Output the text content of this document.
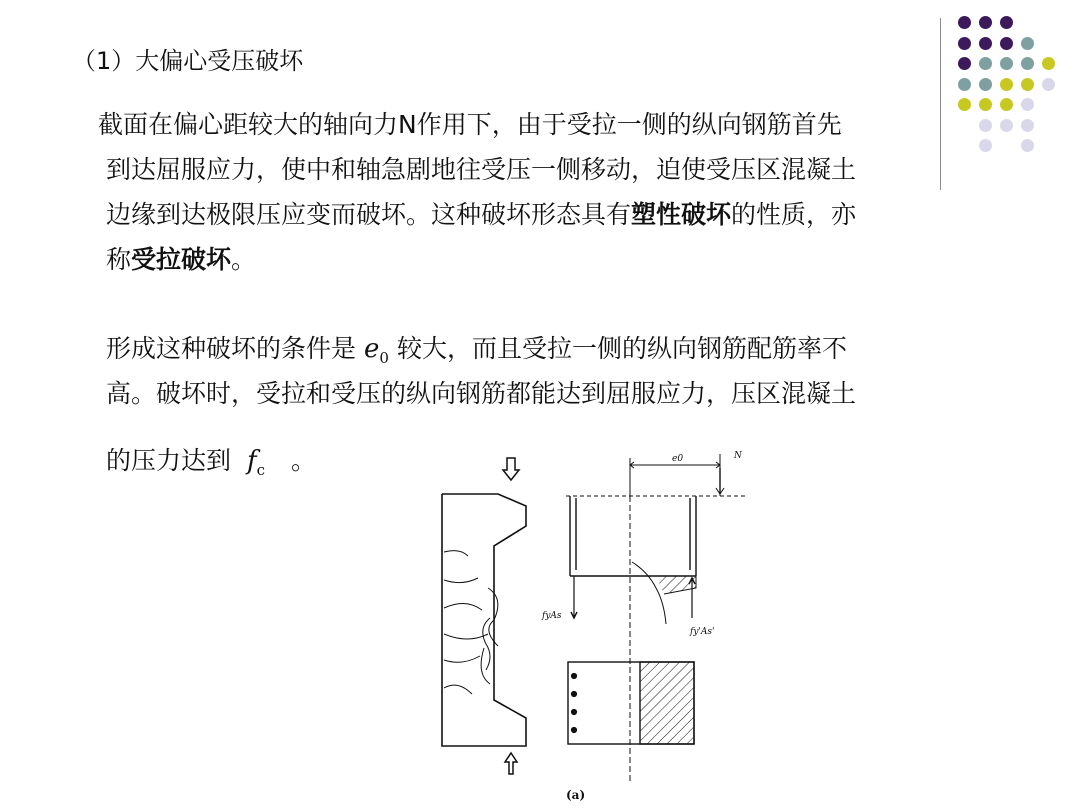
（1）大偏心受压破坏
截面在偏心距较大的轴向力N作用下，由于受拉一侧的纵向钢筋首先
到达屈服应力，使中和轴急剧地往受压一侧移动，迫使受压区混凝土
边缘到达极限压应变而破坏。这种破坏形态具有塑性破坏的性质，亦
称受拉破坏。
形成这种破坏的条件是 $e_0$ 较大，而且受拉一侧的纵向钢筋配筋率不
高。破坏时，受拉和受压的纵向钢筋都能达到屈服应力，压区混凝土
的压力达到 $f_c$ 。	e0	N
fyAs
fy'As'
(a)
